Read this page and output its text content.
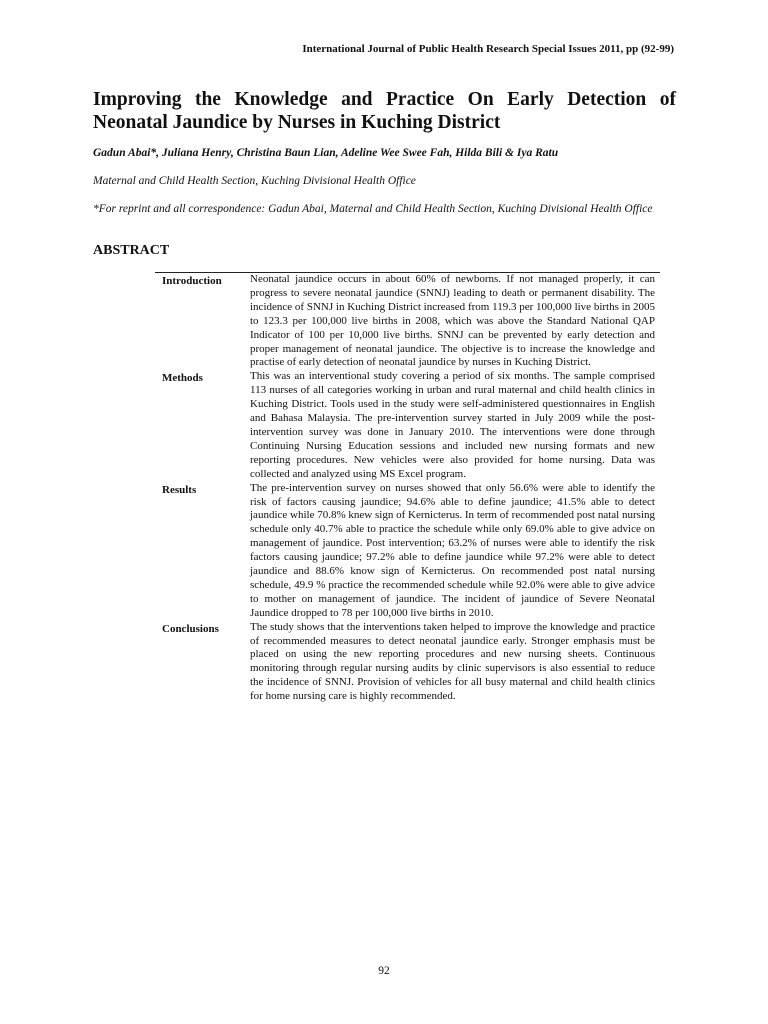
International Journal of Public Health Research Special Issues 2011, pp (92-99)
Improving the Knowledge and Practice On Early Detection of
Neonatal Jaundice by Nurses in Kuching District
Gadun Abai*, Juliana Henry, Christina Baun Lian, Adeline Wee Swee Fah, Hilda Bili & Iya Ratu
Maternal and Child Health Section, Kuching Divisional Health Office
*For reprint and all correspondence: Gadun Abai, Maternal and Child Health Section, Kuching Divisional Health Office
ABSTRACT
Introduction	Neonatal jaundice occurs in about 60% of newborns. If not managed properly, it can progress to severe neonatal jaundice (SNNJ) leading to death or permanent disability. The incidence of SNNJ in Kuching District increased from 119.3 per 100,000 live births in 2005 to 123.3 per 100,000 live births in 2008, which was above the Standard National QAP Indicator of 100 per 10,000 live births. SNNJ can be prevented by early detection and proper management of neonatal jaundice. The objective is to increase the knowledge and practise of early detection of neonatal jaundice by nurses in Kuching District.
Methods	This was an interventional study covering a period of six months. The sample comprised 113 nurses of all categories working in urban and rural maternal and child health clinics in Kuching District. Tools used in the study were self-administered questionnaires in English and Bahasa Malaysia. The pre-intervention survey started in July 2009 while the post-intervention survey was done in January 2010. The interventions were done through Continuing Nursing Education sessions and included new nursing formats and new reporting procedures. New vehicles were also provided for home nursing. Data was collected and analyzed using MS Excel program.
Results	The pre-intervention survey on nurses showed that only 56.6% were able to identify the risk of factors causing jaundice; 94.6% able to define jaundice; 41.5% able to detect jaundice while 70.8% knew sign of Kernicterus. In term of recommended post natal nursing schedule only 40.7% able to practice the schedule while only 69.0% able to give advice on management of jaundice. Post intervention; 63.2% of nurses were able to identify the risk factors causing jaundice; 97.2% able to define jaundice while 97.2% were able to detect jaundice and 88.6% know sign of Kernicterus. On recommended post natal nursing schedule, 49.9 % practice the recommended schedule while 92.0% were able to give advice to mother on management of jaundice. The incident of jaundice of Severe Neonatal Jaundice dropped to 78 per 100,000 live births in 2010.
Conclusions	The study shows that the interventions taken helped to improve the knowledge and practice of recommended measures to detect neonatal jaundice early. Stronger emphasis must be placed on using the new reporting procedures and new nursing sheets. Continuous monitoring through regular nursing audits by clinic supervisors is also essential to reduce the incidence of SNNJ. Provision of vehicles for all busy maternal and child health clinics for home nursing care is highly recommended.
92
